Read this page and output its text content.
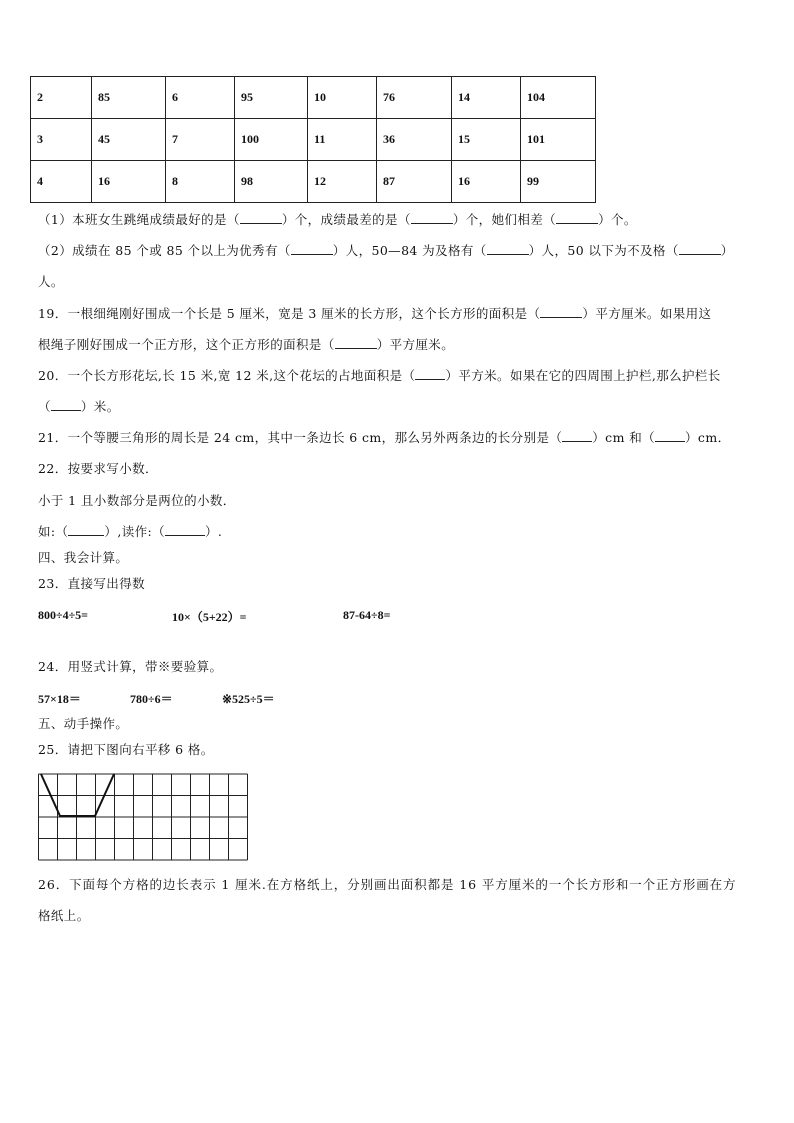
2	85	6	95	10	76	14	104
3	45	7	100	11	36	15	101
4	16	8	98	12	87	16	99
（1）本班女生跳绳成绩最好的是（	）个，成绩最差的是（	）个，她们相差（	）个。
（2）成绩在 85 个或 85 个以上为优秀有（	）人，50—84 为及格有（	）人，50 以下为不及格（	）
人。
19．一根细绳刚好围成一个长是 5 厘米，宽是 3 厘米的长方形，这个长方形的面积是（	）平方厘米。如果用这
根绳子刚好围成一个正方形，这个正方形的面积是（	）平方厘米。
20．一个长方形花坛,长 15 米,宽 12 米,这个花坛的占地面积是（ ）平方米。如果在它的四周围上护栏,那么护栏长
（ ）米。
21．一个等腰三角形的周长是 24 cm，其中一条边长 6 cm，那么另外两条边的长分别是（ ）cm 和（ ）cm．
22．按要求写小数．
小于 1 且小数部分是两位的小数．
如:（	）,读作:（	）.
四、我会计算。
23．直接写出得数
800÷4÷5=	10×（5+22）=	87-64÷8=
24．用竖式计算，带※要验算。
57×18＝	780÷6＝	※525÷5＝
五、动手操作。
25．请把下图向右平移 6 格。
26．下面每个方格的边长表示 1 厘米.在方格纸上，分别画出面积都是 16 平方厘米的一个长方形和一个正方形画在方
格纸上。
